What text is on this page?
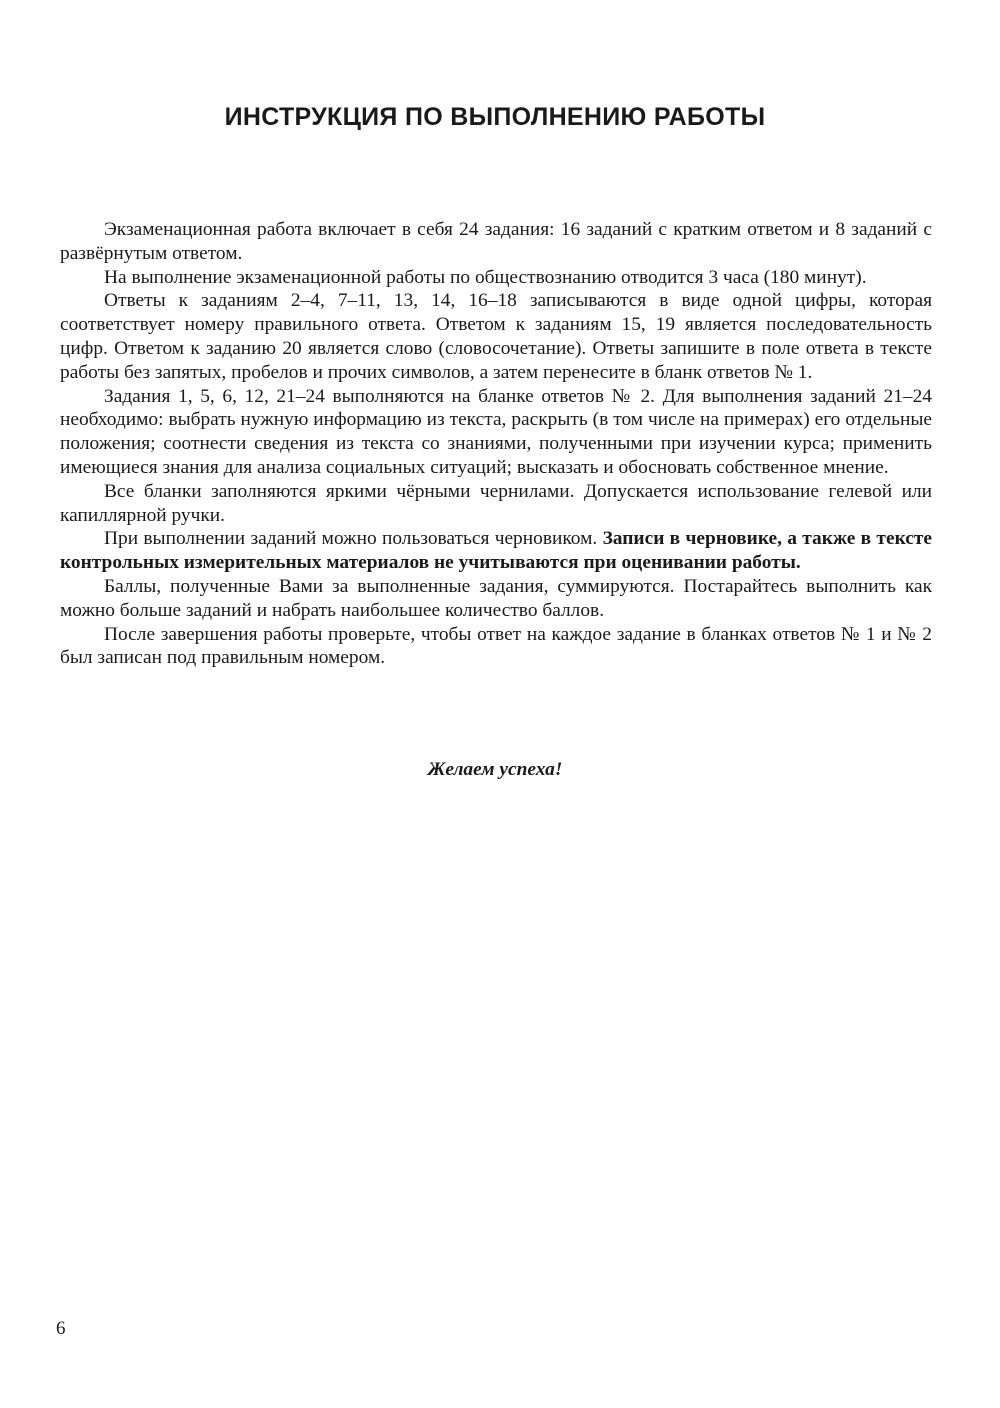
ИНСТРУКЦИЯ ПО ВЫПОЛНЕНИЮ РАБОТЫ

Экзаменационная работа включает в себя 24 задания: 16 заданий с кратким ответом и 8 заданий с развёрнутым ответом.

На выполнение экзаменационной работы по обществознанию отводится 3 часа (180 минут).

Ответы к заданиям 2–4, 7–11, 13, 14, 16–18 записываются в виде одной цифры, которая соответствует номеру правильного ответа. Ответом к заданиям 15, 19 является последовательность цифр. Ответом к заданию 20 является слово (словосочетание). Ответы запишите в поле ответа в тексте работы без запятых, пробелов и прочих символов, а затем перенесите в бланк ответов № 1.

Задания 1, 5, 6, 12, 21–24 выполняются на бланке ответов № 2. Для выполнения заданий 21–24 необходимо: выбрать нужную информацию из текста, раскрыть (в том числе на примерах) его отдельные положения; соотнести сведения из текста со знаниями, полученными при изучении курса; применить имеющиеся знания для анализа социальных ситуаций; высказать и обосновать собственное мнение.

Все бланки заполняются яркими чёрными чернилами. Допускается использование гелевой или капиллярной ручки.

При выполнении заданий можно пользоваться черновиком. Записи в черновике, а также в тексте контрольных измерительных материалов не учитываются при оценивании работы.

Баллы, полученные Вами за выполненные задания, суммируются. Постарайтесь выполнить как можно больше заданий и набрать наибольшее количество баллов.

После завершения работы проверьте, чтобы ответ на каждое задание в бланках ответов № 1 и № 2 был записан под правильным номером.

Желаем успеха!
6
